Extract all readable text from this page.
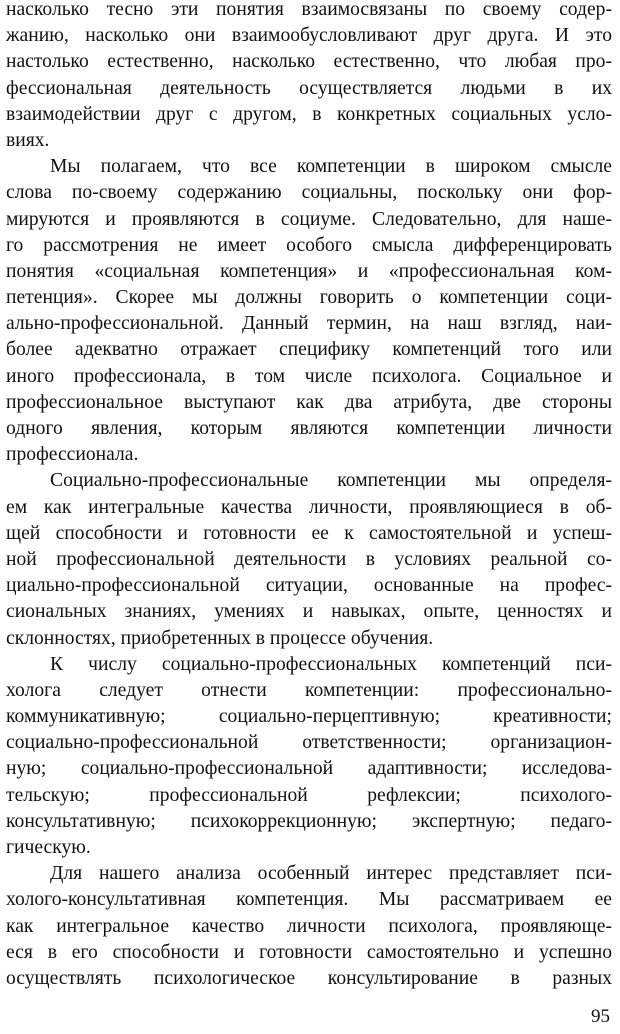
насколько тесно эти понятия взаимосвязаны по своему содер-
жанию, насколько они взаимообусловливают друг друга. И это
настолько естественно, насколько естественно, что любая про-
фессиональная деятельность осуществляется людьми в их
взаимодействии друг с другом, в конкретных социальных усло-
виях.
Мы полагаем, что все компетенции в широком смысле
слова по‑своему содержанию социальны, поскольку они фор-
мируются и проявляются в социуме. Следовательно, для наше-
го рассмотрения не имеет особого смысла дифференцировать
понятия «социальная компетенция» и «профессиональная ком-
петенция». Скорее мы должны говорить о компетенции соци-
ально-профессиональной. Данный термин, на наш взгляд, наи-
более адекватно отражает специфику компетенций того или
иного профессионала, в том числе психолога. Социальное и
профессиональное выступают как два атрибута, две стороны
одного явления, которым являются компетенции личности
профессионала.
Социально-профессиональные компетенции мы определя-
ем как интегральные качества личности, проявляющиеся в об-
щей способности и готовности ее к самостоятельной и успеш-
ной профессиональной деятельности в условиях реальной со-
циально-профессиональной ситуации, основанные на профес-
сиональных знаниях, умениях и навыках, опыте, ценностях и
склонностях, приобретенных в процессе обучения.
К числу социально-профессиональных компетенций пси-
холога следует отнести компетенции: профессионально-
коммуникативную; социально-перцептивную; креативности;
социально-профессиональной ответственности; организацион-
ную; социально-профессиональной адаптивности; исследова-
тельскую; профессиональной рефлексии; психолого-
консультативную; психокоррекционную; экспертную; педаго-
гическую.
Для нашего анализа особенный интерес представляет пси-
холого-консультативная компетенция. Мы рассматриваем ее
как интегральное качество личности психолога, проявляюще-
еся в его способности и готовности самостоятельно и успешно
осуществлять психологическое консультирование в разных
95
